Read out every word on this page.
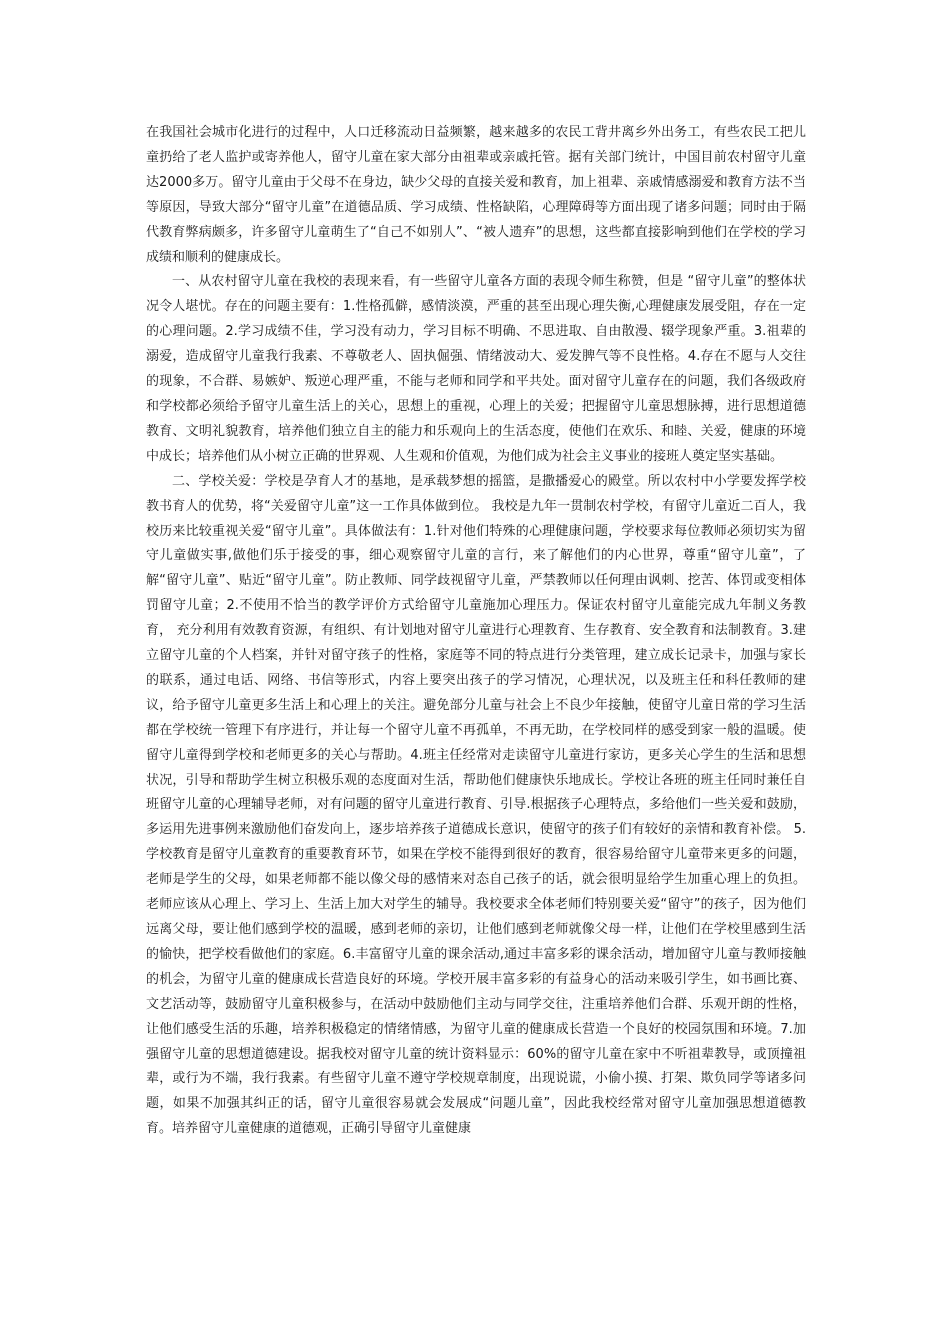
在我国社会城市化进行的过程中，人口迁移流动日益频繁，越来越多的农民工背井离乡外出务工，有些农民工把儿童扔给了老人监护或寄养他人，留守儿童在家大部分由祖辈或亲戚托管。据有关部门统计，中国目前农村留守儿童达2000多万。留守儿童由于父母不在身边，缺少父母的直接关爱和教育，加上祖辈、亲戚情感溺爱和教育方法不当等原因，导致大部分“留守儿童”在道德品质、学习成绩、性格缺陷，心理障碍等方面出现了诸多问题；同时由于隔代教育弊病颇多，许多留守儿童萌生了“自己不如别人”、“被人遗弃”的思想，这些都直接影响到他们在学校的学习成绩和顺利的健康成长。

一、从农村留守儿童在我校的表现来看，有一些留守儿童各方面的表现令师生称赞，但是 “留守儿童”的整体状况令人堪忧。存在的问题主要有：1.性格孤僻，感情淡漠，严重的甚至出现心理失衡,心理健康发展受阻，存在一定的心理问题。2.学习成绩不佳，学习没有动力，学习目标不明确、不思进取、自由散漫、辍学现象严重。3.祖辈的溺爱，造成留守儿童我行我素、不尊敬老人、固执倔强、情绪波动大、爱发脾气等不良性格。4.存在不愿与人交往的现象，不合群、易嫉妒、叛逆心理严重，不能与老师和同学和平共处。面对留守儿童存在的问题，我们各级政府和学校都必须给予留守儿童生活上的关心，思想上的重视，心理上的关爱；把握留守儿童思想脉搏，进行思想道德教育、文明礼貌教育，培养他们独立自主的能力和乐观向上的生活态度，使他们在欢乐、和睦、关爱，健康的环境中成长；培养他们从小树立正确的世界观、人生观和价值观，为他们成为社会主义事业的接班人奠定坚实基础。

二、学校关爱：学校是孕育人才的基地，是承载梦想的摇篮，是撒播爱心的殿堂。所以农村中小学要发挥学校教书育人的优势，将“关爱留守儿童”这一工作具体做到位。 我校是九年一贯制农村学校，有留守儿童近二百人，我校历来比较重视关爱“留守儿童”。具体做法有：1.针对他们特殊的心理健康问题，学校要求每位教师必须切实为留守儿童做实事,做他们乐于接受的事，细心观察留守儿童的言行，来了解他们的内心世界，尊重“留守儿童”，了解“留守儿童”、贴近“留守儿童”。防止教师、同学歧视留守儿童，严禁教师以任何理由讽刺、挖苦、体罚或变相体罚留守儿童；2.不使用不恰当的教学评价方式给留守儿童施加心理压力。保证农村留守儿童能完成九年制义务教育， 充分利用有效教育资源，有组织、有计划地对留守儿童进行心理教育、生存教育、安全教育和法制教育。3.建立留守儿童的个人档案，并针对留守孩子的性格，家庭等不同的特点进行分类管理，建立成长记录卡，加强与家长的联系，通过电话、网络、书信等形式，内容上要突出孩子的学习情况，心理状况，以及班主任和科任教师的建议，给予留守儿童更多生活上和心理上的关注。避免部分儿童与社会上不良少年接触，使留守儿童日常的学习生活都在学校统一管理下有序进行，并让每一个留守儿童不再孤单，不再无助，在学校同样的感受到家一般的温暖。使留守儿童得到学校和老师更多的关心与帮助。4.班主任经常对走读留守儿童进行家访，更多关心学生的生活和思想状况，引导和帮助学生树立积极乐观的态度面对生活，帮助他们健康快乐地成长。学校让各班的班主任同时兼任自班留守儿童的心理辅导老师，对有问题的留守儿童进行教育、引导.根据孩子心理特点，多给他们一些关爱和鼓励，多运用先进事例来激励他们奋发向上，逐步培养孩子道德成长意识，使留守的孩子们有较好的亲情和教育补偿。 5.学校教育是留守儿童教育的重要教育环节，如果在学校不能得到很好的教育，很容易给留守儿童带来更多的问题，老师是学生的父母，如果老师都不能以像父母的感情来对态自己孩子的话，就会很明显给学生加重心理上的负担。老师应该从心理上、学习上、生活上加大对学生的辅导。我校要求全体老师们特别要关爱“留守”的孩子，因为他们远离父母，要让他们感到学校的温暖，感到老师的亲切，让他们感到老师就像父母一样，让他们在学校里感到生活的愉快，把学校看做他们的家庭。6.丰富留守儿童的课余活动,通过丰富多彩的课余活动，增加留守儿童与教师接触的机会，为留守儿童的健康成长营造良好的环境。学校开展丰富多彩的有益身心的活动来吸引学生，如书画比赛、文艺活动等，鼓励留守儿童积极参与，在活动中鼓励他们主动与同学交往，注重培养他们合群、乐观开朗的性格，让他们感受生活的乐趣，培养积极稳定的情绪情感，为留守儿童的健康成长营造一个良好的校园氛围和环境。7.加强留守儿童的思想道德建设。据我校对留守儿童的统计资料显示：60%的留守儿童在家中不听祖辈教导，或顶撞祖辈，或行为不端，我行我素。有些留守儿童不遵守学校规章制度，出现说谎，小偷小摸、打架、欺负同学等诸多问题，如果不加强其纠正的话，留守儿童很容易就会发展成“问题儿童”，因此我校经常对留守儿童加强思想道德教育。培养留守儿童健康的道德观，正确引导留守儿童健康
